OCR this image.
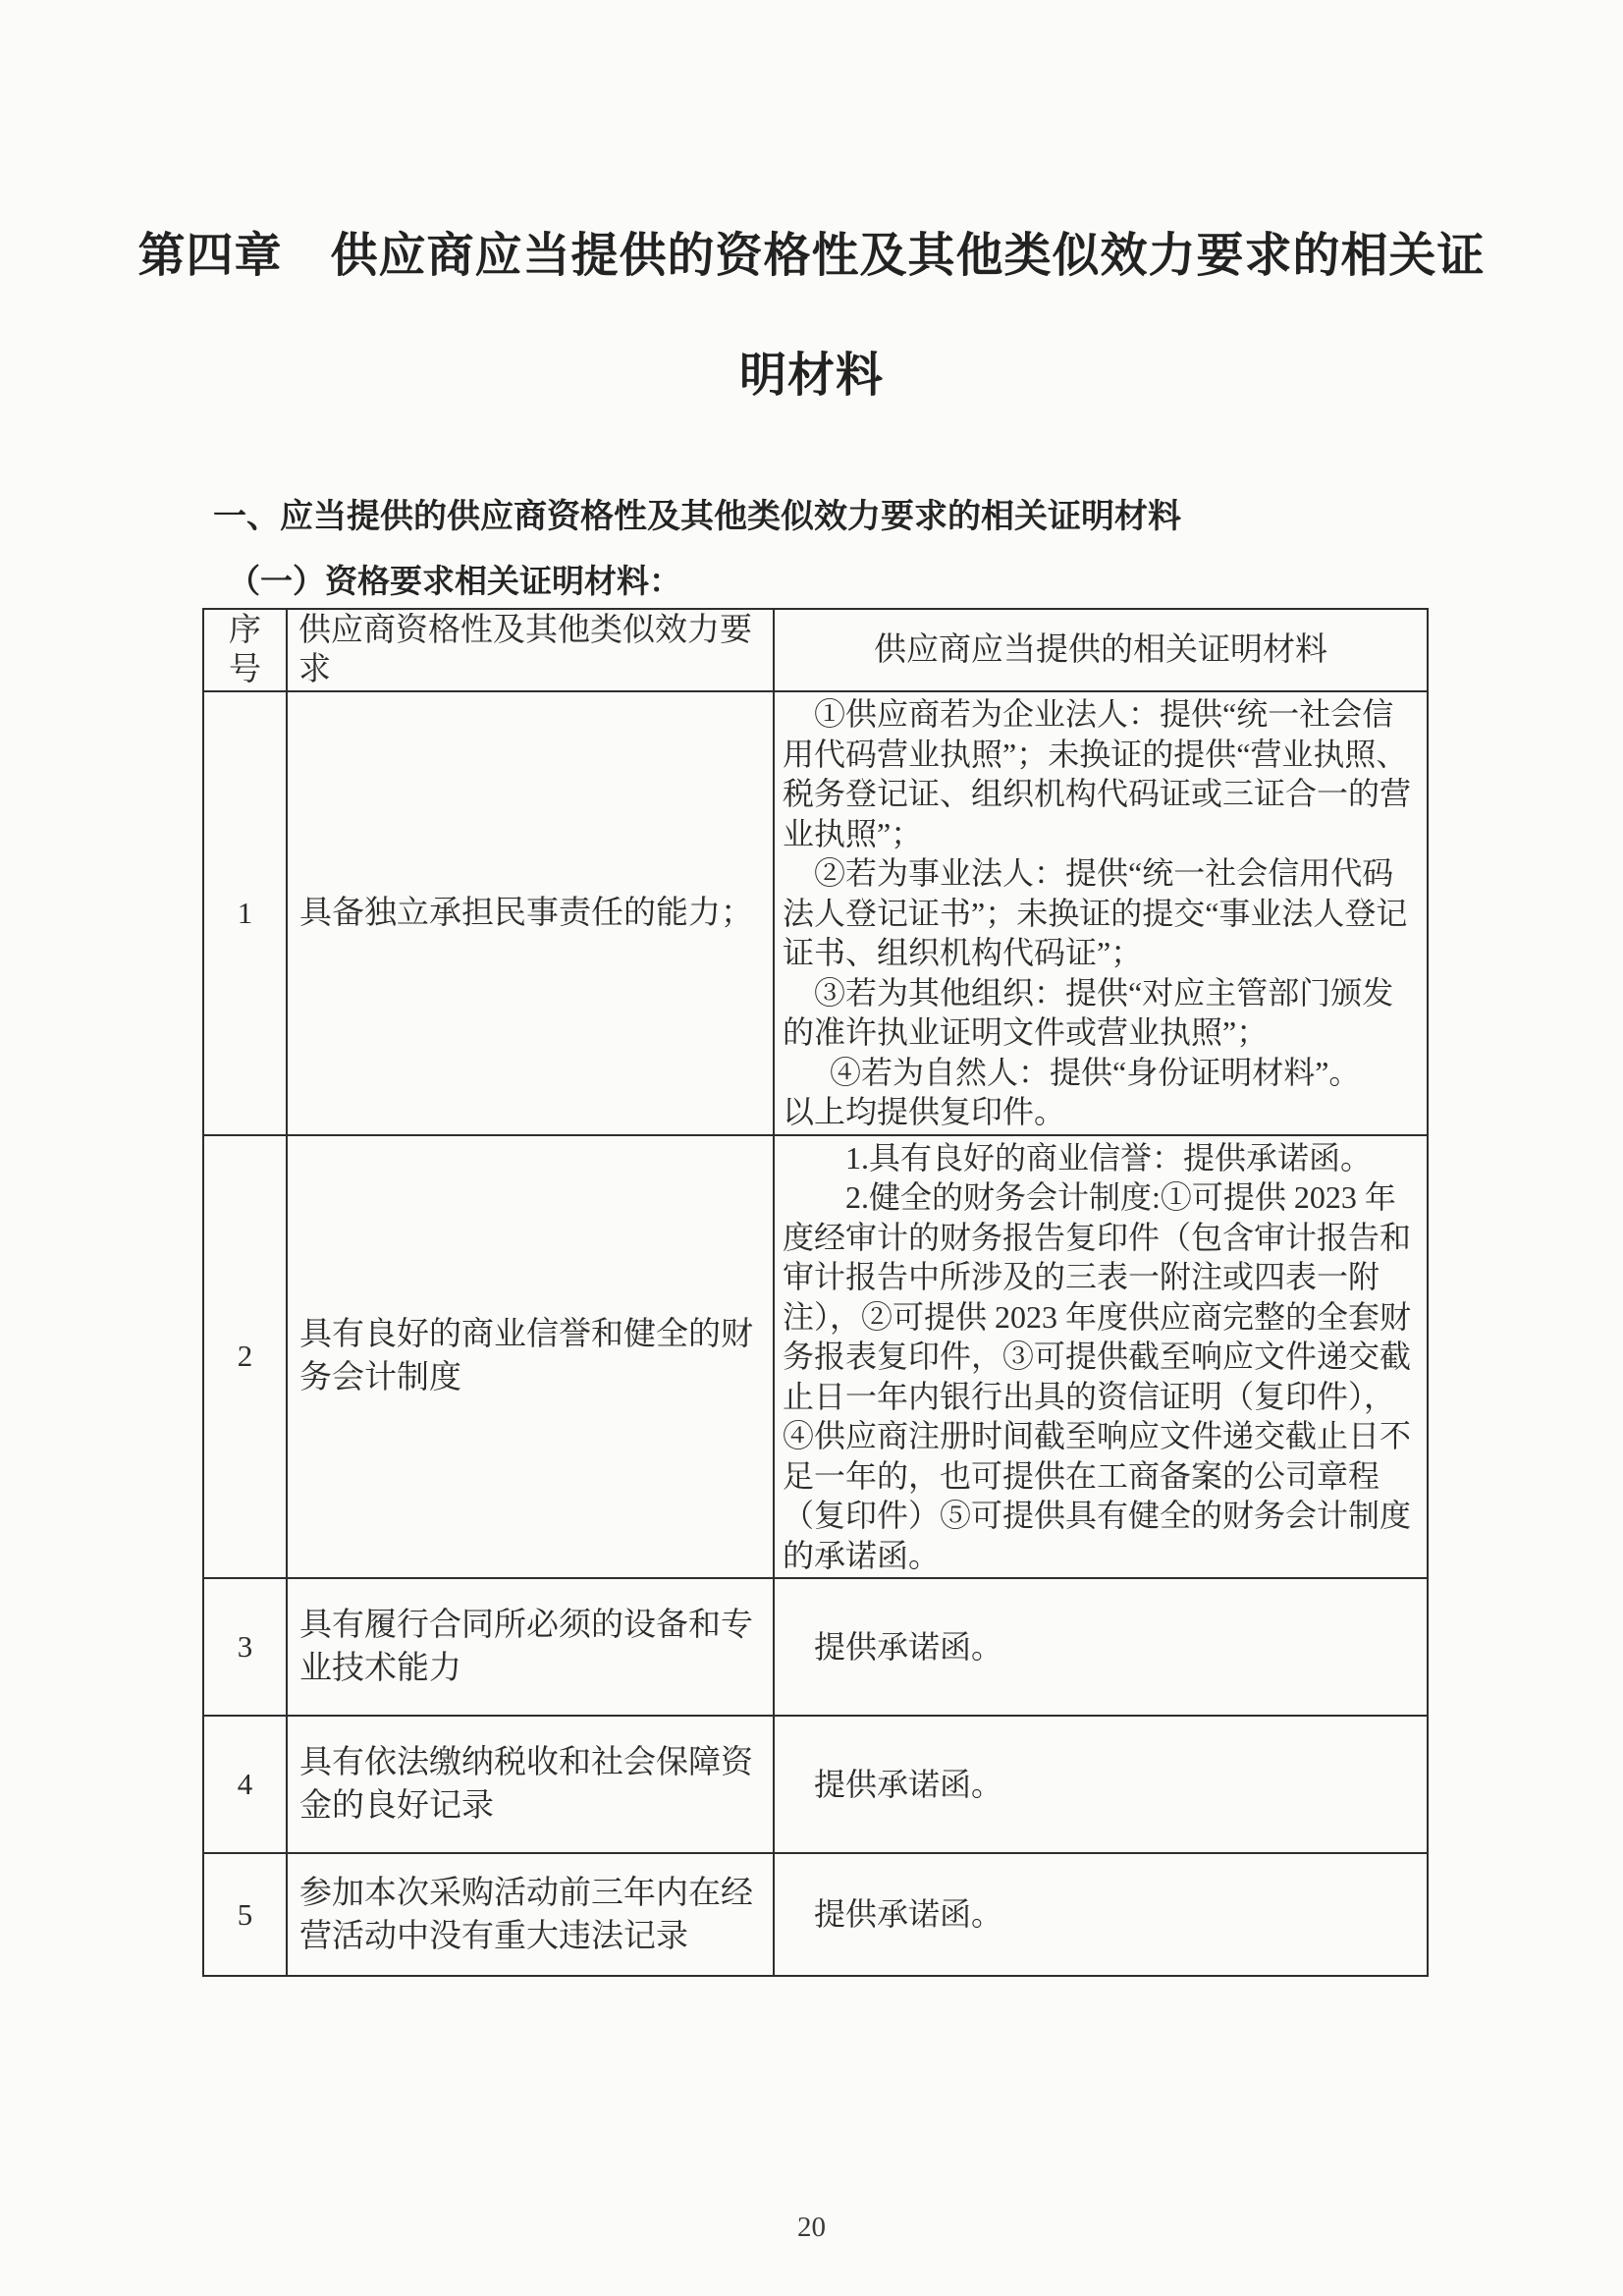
第四章　供应商应当提供的资格性及其他类似效力要求的相关证
明材料
一、应当提供的供应商资格性及其他类似效力要求的相关证明材料
（一）资格要求相关证明材料：
序号	供应商资格性及其他类似效力要求	供应商应当提供的相关证明材料
1	具备独立承担民事责任的能力；	①供应商若为企业法人：提供“统一社会信用代码营业执照”；未换证的提供“营业执照、税务登记证、组织机构代码证或三证合一的营业执照”；

②若为事业法人：提供“统一社会信用代码法人登记证书”；未换证的提交“事业法人登记证书、组织机构代码证”；

③若为其他组织：提供“对应主管部门颁发的准许执业证明文件或营业执照”；

④若为自然人：提供“身份证明材料”。

以上均提供复印件。

2	具有良好的商业信誉和健全的财务会计制度	1.具有良好的商业信誉：提供承诺函。

2.健全的财务会计制度:①可提供 2023 年度经审计的财务报告复印件（包含审计报告和审计报告中所涉及的三表一附注或四表一附注），②可提供 2023 年度供应商完整的全套财务报表复印件，③可提供截至响应文件递交截止日一年内银行出具的资信证明（复印件），④供应商注册时间截至响应文件递交截止日不足一年的，也可提供在工商备案的公司章程（复印件）⑤可提供具有健全的财务会计制度的承诺函。

3	具有履行合同所必须的设备和专业技术能力	提供承诺函。

4	具有依法缴纳税收和社会保障资金的良好记录	提供承诺函。

5	参加本次采购活动前三年内在经营活动中没有重大违法记录	提供承诺函。

20
